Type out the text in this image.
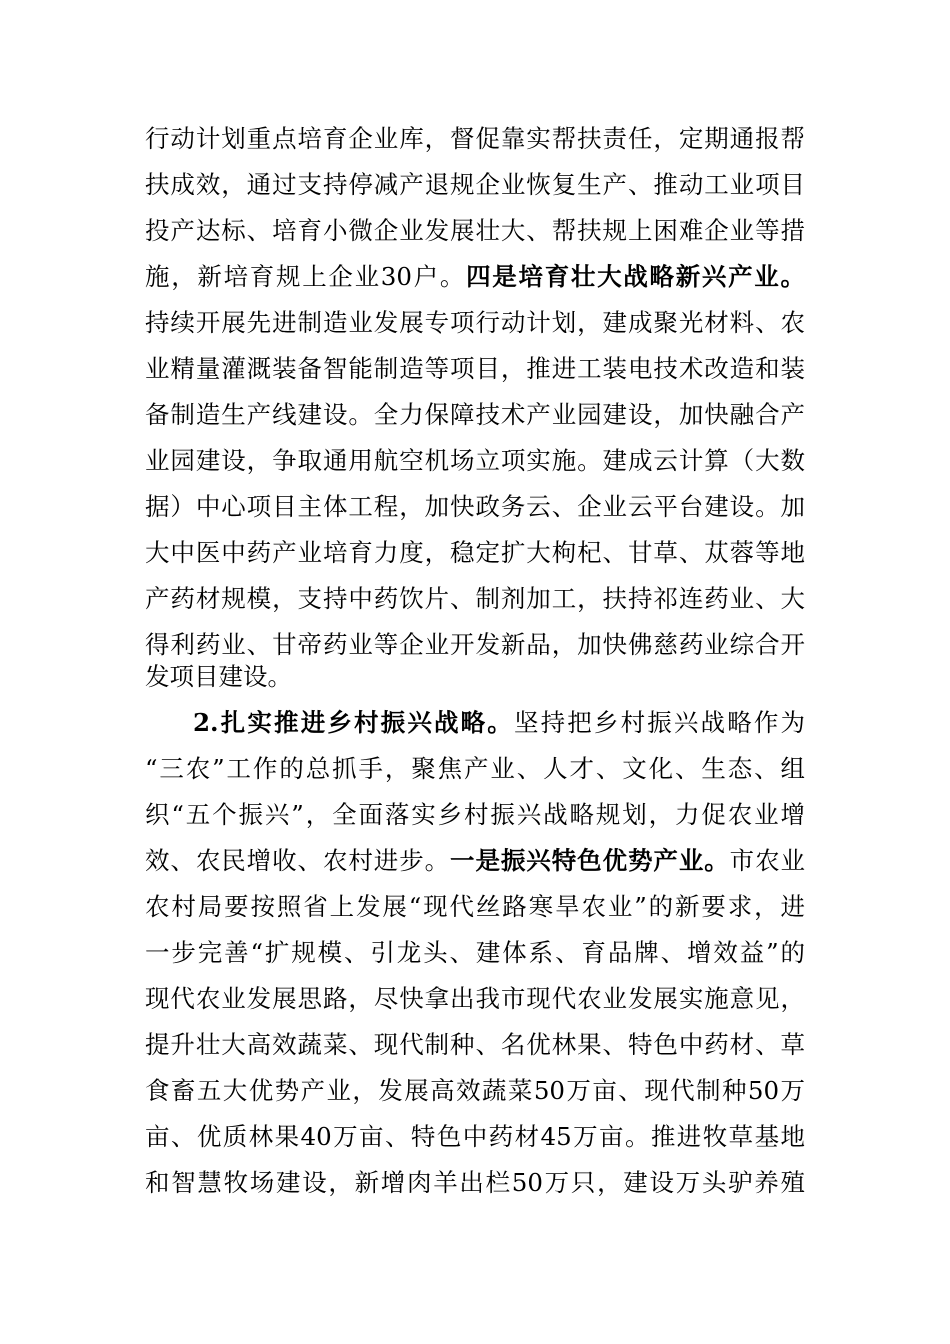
行动计划重点培育企业库，督促靠实帮扶责任，定期通报帮
扶成效，通过支持停减产退规企业恢复生产、推动工业项目
投产达标、培育小微企业发展壮大、帮扶规上困难企业等措
施，新培育规上企业30户。四是培育壮大战略新兴产业。
持续开展先进制造业发展专项行动计划，建成聚光材料、农
业精量灌溉装备智能制造等项目，推进工装电技术改造和装
备制造生产线建设。全力保障技术产业园建设，加快融合产
业园建设，争取通用航空机场立项实施。建成云计算（大数
据）中心项目主体工程，加快政务云、企业云平台建设。加
大中医中药产业培育力度，稳定扩大枸杞、甘草、苁蓉等地
产药材规模，支持中药饮片、制剂加工，扶持祁连药业、大
得利药业、甘帝药业等企业开发新品，加快佛慈药业综合开
发项目建设。
2.扎实推进乡村振兴战略。坚持把乡村振兴战略作为
“三农”工作的总抓手，聚焦产业、人才、文化、生态、组
织“五个振兴”，全面落实乡村振兴战略规划，力促农业增
效、农民增收、农村进步。一是振兴特色优势产业。市农业
农村局要按照省上发展“现代丝路寒旱农业”的新要求，进
一步完善“扩规模、引龙头、建体系、育品牌、增效益”的
现代农业发展思路，尽快拿出我市现代农业发展实施意见，
提升壮大高效蔬菜、现代制种、名优林果、特色中药材、草
食畜五大优势产业，发展高效蔬菜50万亩、现代制种50万
亩、优质林果40万亩、特色中药材45万亩。推进牧草基地
和智慧牧场建设，新增肉羊出栏50万只，建设万头驴养殖
